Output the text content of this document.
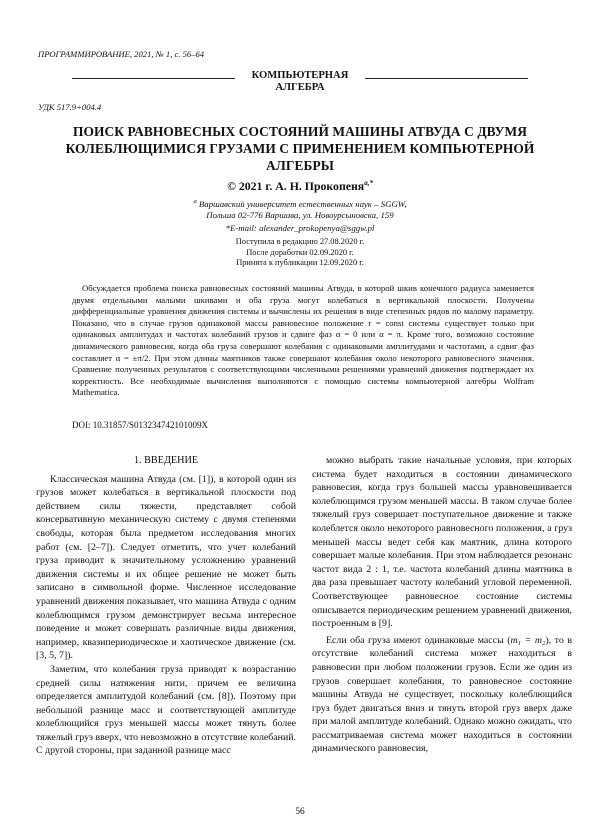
ПРОГРАММИРОВАНИЕ, 2021, № 1, с. 56–64
КОМПЬЮТЕРНАЯ
АЛГЕБРА
УДК 517.9+004.4
ПОИСК РАВНОВЕСНЫХ СОСТОЯНИЙ МАШИНЫ АТВУДА С ДВУМЯ КОЛЕБЛЮЩИМИСЯ ГРУЗАМИ С ПРИМЕНЕНИЕМ КОМПЬЮТЕРНОЙ АЛГЕБРЫ
© 2021 г. А. Н. Прокопеня$^{a,*}$
$^a$ Варшавский университет естественных наук – SGGW,
Польша 02-776 Варшава, ул. Новоурсыновска, 159
*E-mail: alexander_prokopenya@sggw.pl
Поступила в редакцию 27.08.2020 г.
После доработки 02.09.2020 г.
Принята к публикации 12.09.2020 г.
Обсуждается проблема поиска равновесных состояний машины Атвуда, в которой шкив конечного радиуса заменяется двумя отдельными малыми шкивами и оба груза могут колебаться в вертикальной плоскости. Получены дифференциальные уравнения движения системы и вычислены их решения в виде степенных рядов по малому параметру. Показано, что в случае грузов одинаковой массы равновесное положение r = const системы существует только при одинаковых амплитудах и частотах колебаний грузов и сдвиге фаз α = 0 или α = π. Кроме того, возможно состояние динамического равновесия, когда оба груза совершают колебания с одинаковыми амплитудами и частотами, а сдвиг фаз составляет α = ±π/2. При этом длины маятников также совершают колебания около некоторого равновесного значения. Сравнение полученных результатов с соответствующими численными решениями уравнений движения подтверждает их корректность. Все необходимые вычисления выполняются с помощью системы компьютерной алгебры Wolfram Mathematica.
DOI: 10.31857/S013234742101009X
1. ВВЕДЕНИЕ

Классическая машина Атвуда (см. [1]), в которой один из грузов может колебаться в вертикальной плоскости под действием силы тяжести, представляет собой консервативную механическую систему с двумя степенями свободы, которая была предметом исследования многих работ (см. [2–7]). Следует отметить, что учет колебаний груза приводит к значительному усложнению уравнений движения системы и их общее решение не может быть записано в символьной форме. Численное исследование уравнений движения показывает, что машина Атвуда с одним колеблющимся грузом демонстрирует весьма интересное поведение и может совершать различные виды движения, например, квазипериодическое и хаотическое движение (см. [3, 5, 7]).

Заметим, что колебания груза приводят к возрастанию средней силы натяжения нити, причем ее величина определяется амплитудой колебаний (см. [8]). Поэтому при небольшой разнице масс и соответствующей амплитуде колеблющийся груз меньшей массы может тянуть более тяжелый груз вверх, что невозможно в отсутствие колебаний. С другой стороны, при заданной разнице масс

можно выбрать такие начальные условия, при которых система будет находиться в состоянии динамического равновесия, когда груз большей массы уравновешивается колеблющимся грузом меньшей массы. В таком случае более тяжелый груз совершает поступательное движение и также колеблется около некоторого равновесного положения, а груз меньшей массы ведет себя как маятник, длина которого совершает малые колебания. При этом наблюдается резонанс частот вида 2 : 1, т.е. частота колебаний длины маятника в два раза превышает частоту колебаний угловой переменной. Соответствующее равновесное состояние системы описывается периодическим решением уравнений движения, построенным в [9].

Если оба груза имеют одинаковые массы (m₁ = m₂), то в отсутствие колебаний система может находиться в равновесии при любом положении грузов. Если же один из грузов совершает колебания, то равновесное состояние машины Атвуда не существует, поскольку колеблющийся груз будет двигаться вниз и тянуть второй груз вверх даже при малой амплитуде колебаний. Однако можно ожидать, что рассматриваемая система может находиться в состоянии динамического равновесия,

56
